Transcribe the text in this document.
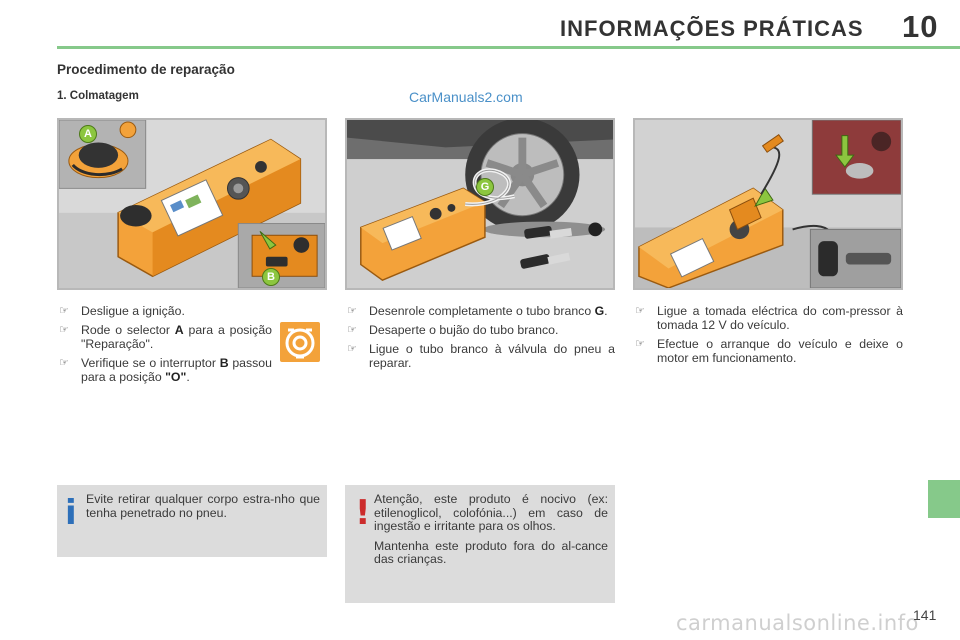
INFORMAÇÕES PRÁTICAS 10
Procedimento de reparação
1. Colmatagem	CarManuals2.com
A
B
G
☞ Desligue a ignição.
☞ Rode o selector A para a posição "Reparação".
☞ Verifique se o interruptor B passou para a posição "O".
☞ Desenrole completamente o tubo branco G.
☞ Desaperte o bujão do tubo branco.
☞ Ligue o tubo branco à válvula do pneu a reparar.
☞ Ligue a tomada eléctrica do com-pressor à tomada 12 V do veículo.
☞ Efectue o arranque do veículo e deixe o motor em funcionamento.
i Evite retirar qualquer corpo estra-nho que tenha penetrado no pneu.	! Atenção, este produto é nocivo (ex: etilenoglicol, colofónia...) em caso de ingestão e irritante para os olhos.

Mantenha este produto fora do al-cance das crianças.

carmanualsonline.info
141
